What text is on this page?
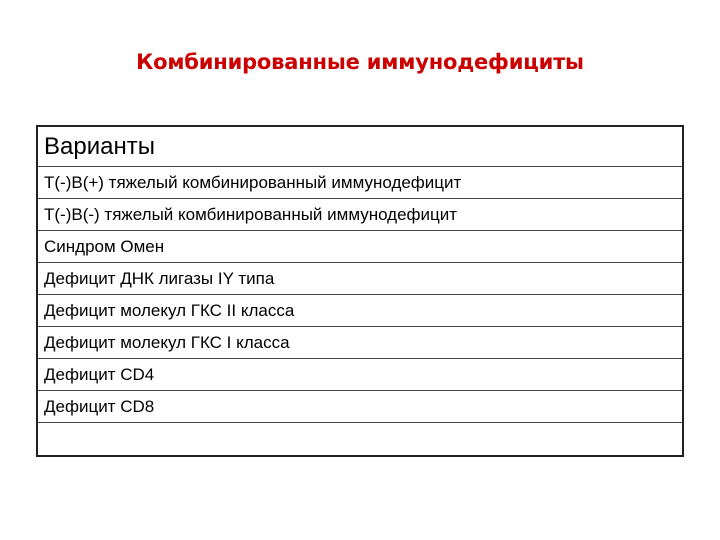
Комбинированные иммунодефициты
Варианты
T(-)B(+) тяжелый комбинированный иммунодефицит
T(-)B(-) тяжелый комбинированный иммунодефицит
Синдром Омен
Дефицит ДНК лигазы IY типа
Дефицит молекул ГКС II класса
Дефицит молекул ГКС I класса
Дефицит CD4
Дефицит CD8
